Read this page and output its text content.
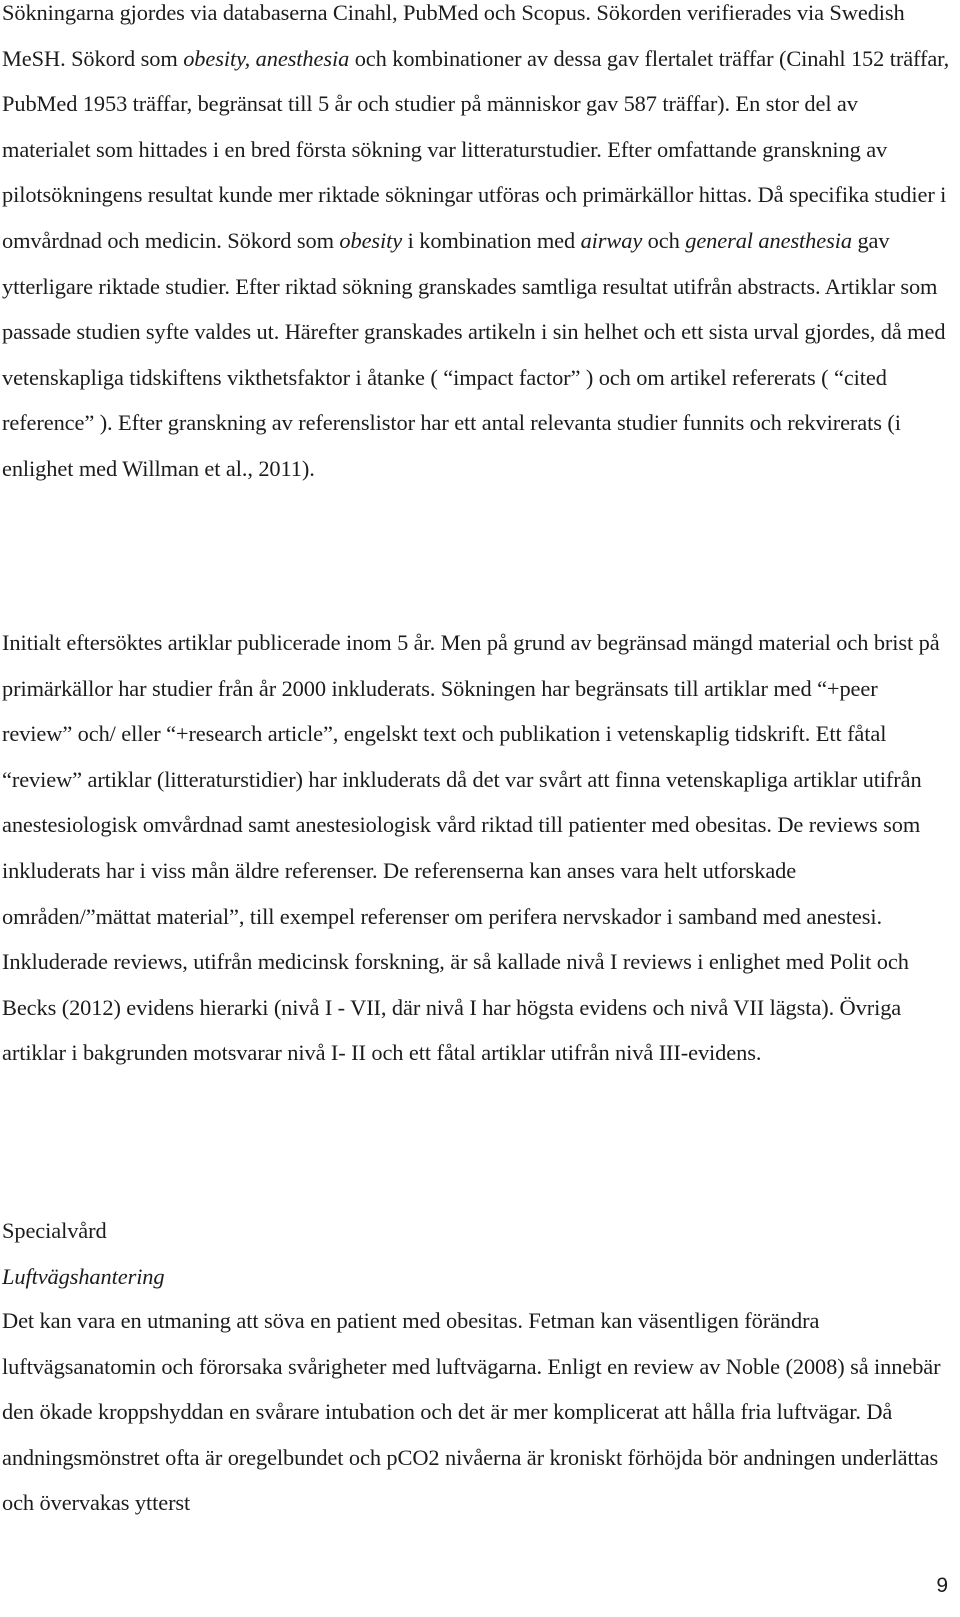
Sökningarna gjordes via databaserna Cinahl, PubMed och Scopus. Sökorden verifierades via Swedish MeSH. Sökord som obesity, anesthesia och kombinationer av dessa gav flertalet träffar (Cinahl 152 träffar, PubMed 1953 träffar, begränsat till 5 år och studier på människor gav 587 träffar). En stor del av materialet som hittades i en bred första sökning var litteraturstudier. Efter omfattande granskning av pilotsökningens resultat kunde mer riktade sökningar utföras och primärkällor hittas. Då specifika studier i omvårdnad och medicin. Sökord som obesity i kombination med airway och general anesthesia gav ytterligare riktade studier. Efter riktad sökning granskades samtliga resultat utifrån abstracts. Artiklar som passade studien syfte valdes ut. Härefter granskades artikeln i sin helhet och ett sista urval gjordes, då med vetenskapliga tidskiftens vikthetsfaktor i åtanke ( “impact factor” ) och om artikel refererats ( “cited reference” ). Efter granskning av referenslistor har ett antal relevanta studier funnits och rekvirerats (i enlighet med Willman et al., 2011).

Initialt eftersöktes artiklar publicerade inom 5 år. Men på grund av begränsad mängd material och brist på primärkällor har studier från år 2000 inkluderats. Sökningen har begränsats till artiklar med “+peer review” och/ eller “+research article”, engelskt text och publikation i vetenskaplig tidskrift. Ett fåtal “review” artiklar (litteraturstidier) har inkluderats då det var svårt att finna vetenskapliga artiklar utifrån anestesiologisk omvårdnad samt anestesiologisk vård riktad till patienter med obesitas. De reviews som inkluderats har i viss mån äldre referenser. De referenserna kan anses vara helt utforskade områden/”mättat material”, till exempel referenser om perifera nervskador i samband med anestesi. Inkluderade reviews, utifrån medicinsk forskning, är så kallade nivå I reviews i enlighet med Polit och Becks (2012) evidens hierarki (nivå I - VII, där nivå I har högsta evidens och nivå VII lägsta). Övriga artiklar i bakgrunden motsvarar nivå I- II och ett fåtal artiklar utifrån nivå III-evidens.

Specialvård

Luftvägshantering

Det kan vara en utmaning att söva en patient med obesitas. Fetman kan väsentligen förändra luftvägsanatomin och förorsaka svårigheter med luftvägarna. Enligt en review av Noble (2008) så innebär den ökade kroppshyddan en svårare intubation och det är mer komplicerat att hålla fria luftvägar. Då andningsmönstret ofta är oregelbundet och pCO2 nivåerna är kroniskt förhöjda bör andningen underlättas och övervakas ytterst

9
